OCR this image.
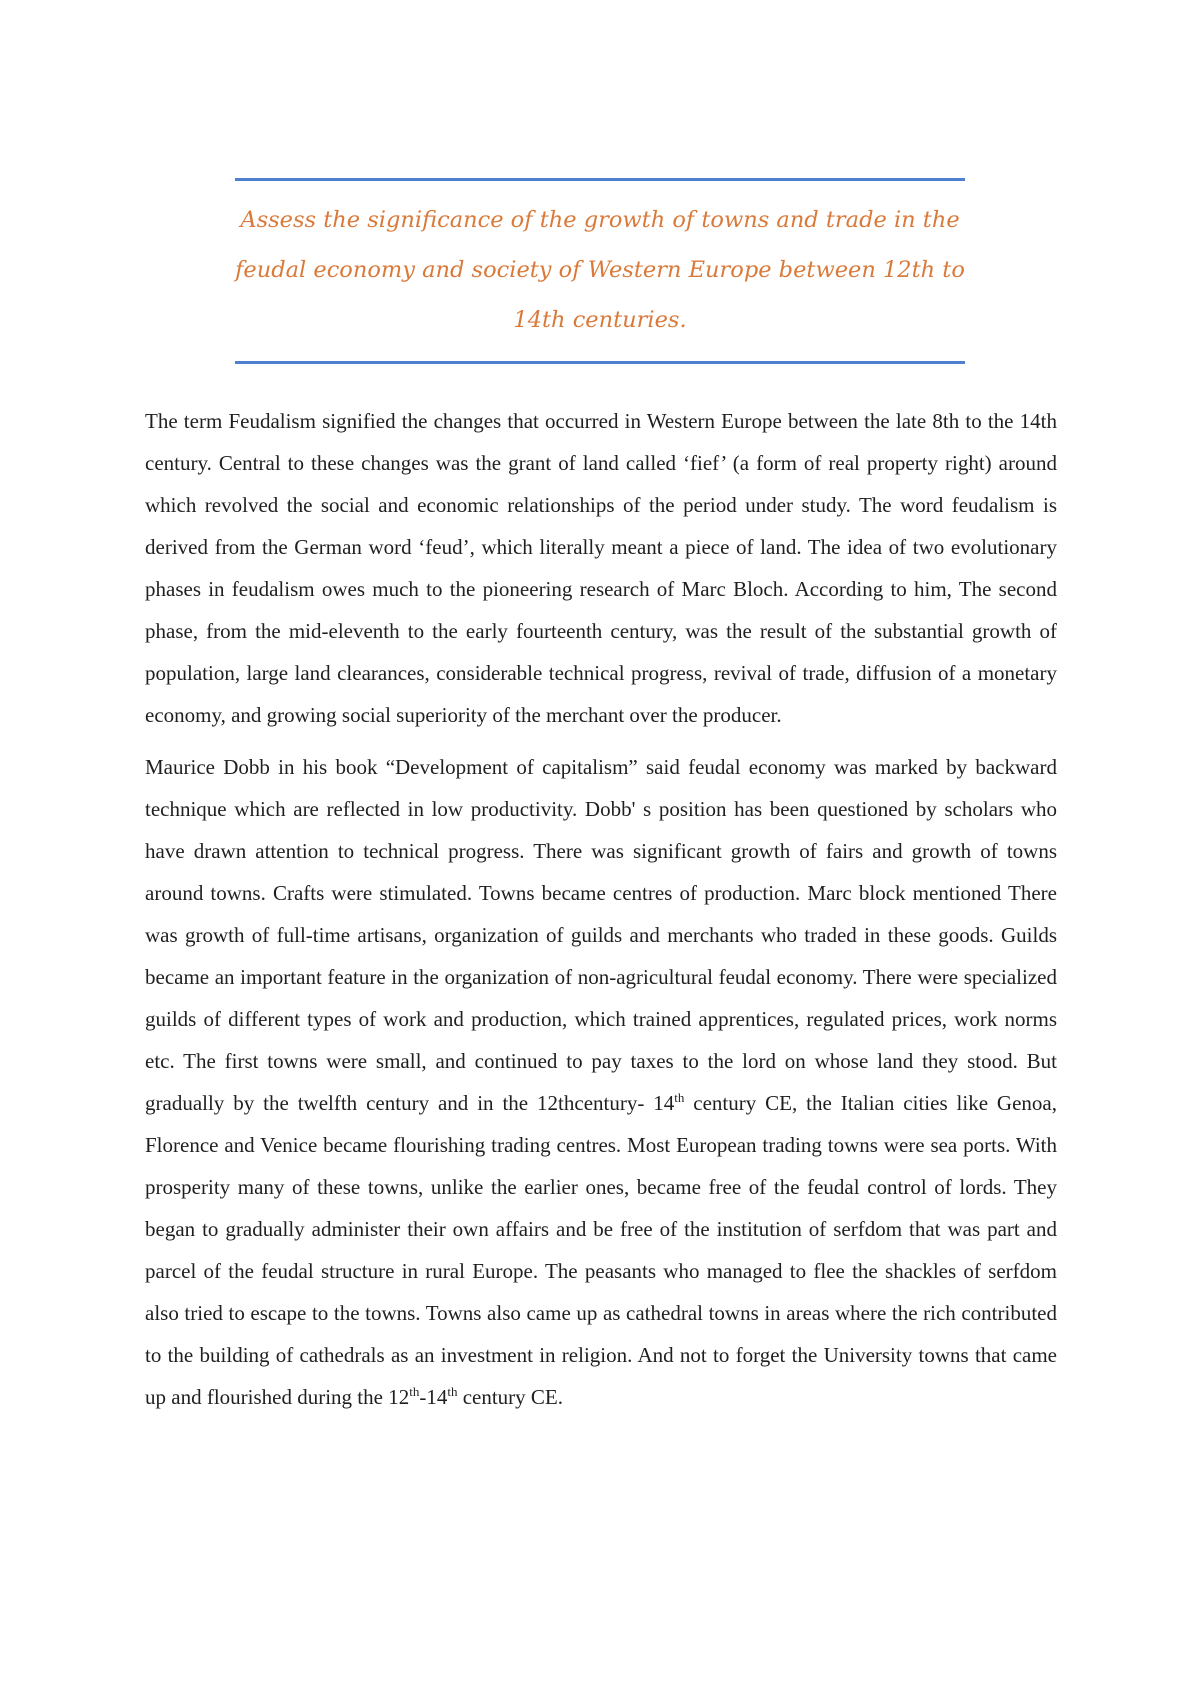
Assess the significance of the growth of towns and trade in the feudal economy and society of Western Europe between 12th to 14th centuries.

The term Feudalism signified the changes that occurred in Western Europe between the late 8th to the 14th century. Central to these changes was the grant of land called ‘fief’ (a form of real property right) around which revolved the social and economic relationships of the period under study. The word feudalism is derived from the German word ‘feud’, which literally meant a piece of land. The idea of two evolutionary phases in feudalism owes much to the pioneering research of Marc Bloch. According to him, The second phase, from the mid-eleventh to the early fourteenth century, was the result of the substantial growth of population, large land clearances, considerable technical progress, revival of trade, diffusion of a monetary economy, and growing social superiority of the merchant over the producer.

Maurice Dobb in his book “Development of capitalism” said feudal economy was marked by backward technique which are reflected in low productivity. Dobb' s position has been questioned by scholars who have drawn attention to technical progress. There was significant growth of fairs and growth of towns around towns. Crafts were stimulated. Towns became centres of production. Marc block mentioned There was growth of full-time artisans, organization of guilds and merchants who traded in these goods. Guilds became an important feature in the organization of non-agricultural feudal economy. There were specialized guilds of different types of work and production, which trained apprentices, regulated prices, work norms etc. The first towns were small, and continued to pay taxes to the lord on whose land they stood. But gradually by the twelfth century and in the 12thcentury- 14th century CE, the Italian cities like Genoa, Florence and Venice became flourishing trading centres. Most European trading towns were sea ports. With prosperity many of these towns, unlike the earlier ones, became free of the feudal control of lords. They began to gradually administer their own affairs and be free of the institution of serfdom that was part and parcel of the feudal structure in rural Europe. The peasants who managed to flee the shackles of serfdom also tried to escape to the towns. Towns also came up as cathedral towns in areas where the rich contributed to the building of cathedrals as an investment in religion. And not to forget the University towns that came up and flourished during the 12th-14th century CE.
